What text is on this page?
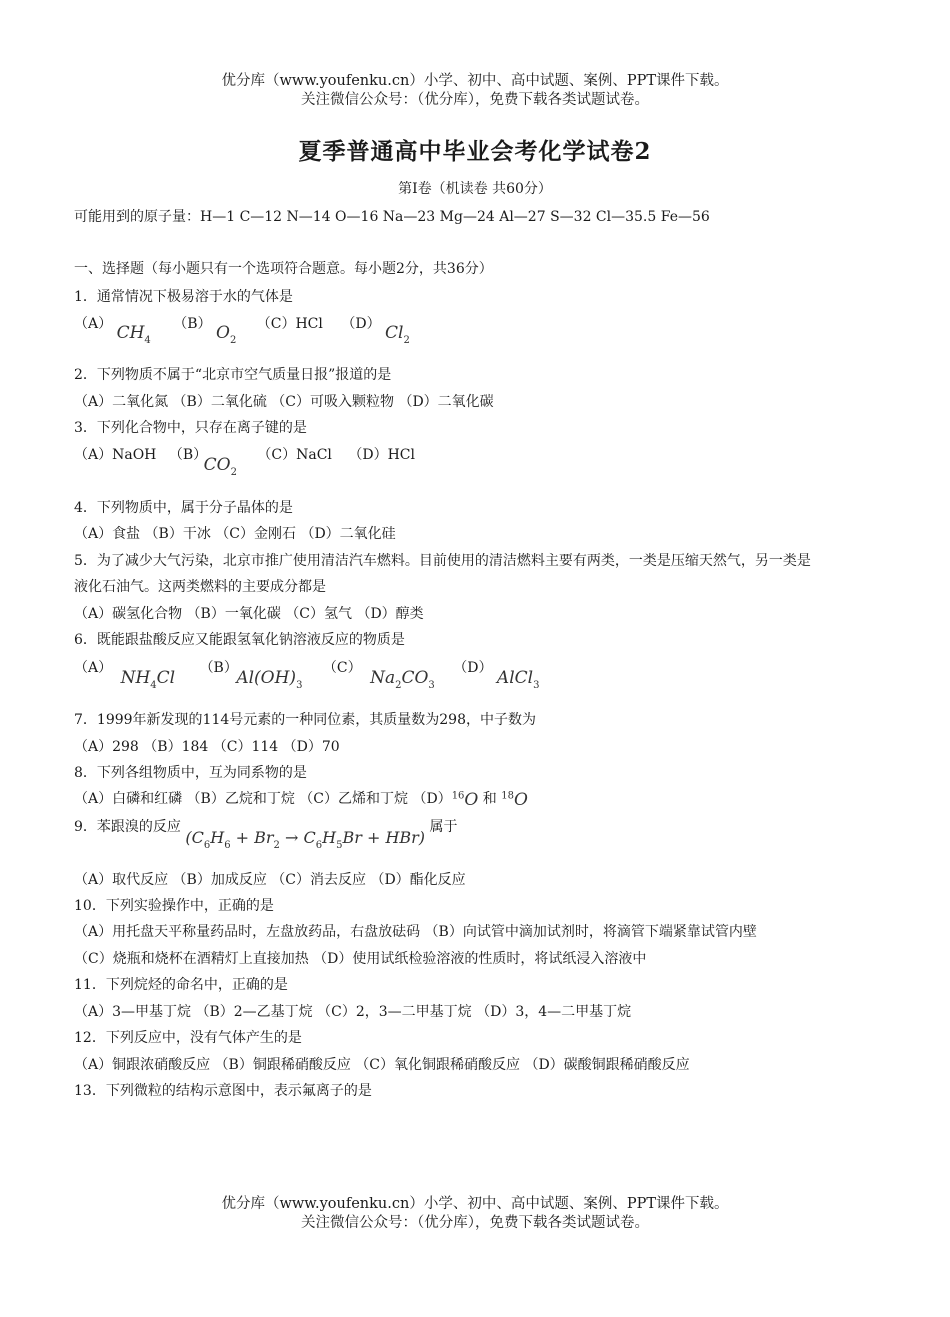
优分库（www.youfenku.cn）小学、初中、高中试题、案例、PPT课件下载。
关注微信公众号：（优分库），免费下载各类试题试卷。
夏季普通高中毕业会考化学试卷2
第Ⅰ卷（机读卷 共60分）
可能用到的原子量：H—1 C—12 N—14 O—16 Na—23 Mg—24 Al—27 S—32 Cl—35.5 Fe—56
一、选择题（每小题只有一个选项符合题意。每小题2分，共36分）
1．通常情况下极易溶于水的气体是
（A） $CH_4$ （B） $O_2$ （C）HCl （D） $Cl_2$
2．下列物质不属于“北京市空气质量日报”报道的是
（A）二氧化氮 （B）二氧化硫 （C）可吸入颗粒物 （D）二氧化碳
3．下列化合物中，只存在离子键的是
（A）NaOH （B） $CO_2$ （C）NaCl （D）HCl
4．下列物质中，属于分子晶体的是
（A）食盐 （B）干冰 （C）金刚石 （D）二氧化硅
5．为了减少大气污染，北京市推广使用清洁汽车燃料。目前使用的清洁燃料主要有两类，一类是压缩天然气，另一类是
液化石油气。这两类燃料的主要成分都是
（A）碳氢化合物 （B）一氧化碳 （C）氢气 （D）醇类
6．既能跟盐酸反应又能跟氢氧化钠溶液反应的物质是
（A） $NH_4Cl$ （B） $Al(OH)_3$ （C） $Na_2CO_3$ （D） AlCl$_3$
7．1999年新发现的114号元素的一种同位素，其质量数为298，中子数为
（A）298 （B）184 （C）114 （D）70
8．下列各组物质中，互为同系物的是
（A）白磷和红磷 （B）乙烷和丁烷 （C）乙烯和丁烷 $(D)^{16}O$ 和 $^{18}$O
9．苯跟溴的反应 $(C_6H_6 + Br_2 \to C_6H_5Br + HBr)$ 属于
（A）取代反应 （B）加成反应 （C）消去反应 （D）酯化反应
10．下列实验操作中，正确的是
（A）用托盘天平称量药品时，左盘放药品，右盘放砝码 （B）向试管中滴加试剂时，将滴管下端紧靠试管内壁
（C）烧瓶和烧杯在酒精灯上直接加热 （D）使用试纸检验溶液的性质时，将试纸浸入溶液中
11．下列烷烃的命名中，正确的是
（A）3—甲基丁烷 （B）2—乙基丁烷 （C）2，3—二甲基丁烷 （D）3，4—二甲基丁烷
12．下列反应中，没有气体产生的是
（A）铜跟浓硝酸反应 （B）铜跟稀硝酸反应 （C）氧化铜跟稀硝酸反应 （D）碳酸铜跟稀硝酸反应
13．下列微粒的结构示意图中，表示氟离子的是
优分库（www.youfenku.cn）小学、初中、高中试题、案例、PPT课件下载。
关注微信公众号：（优分库），免费下载各类试题试卷。
